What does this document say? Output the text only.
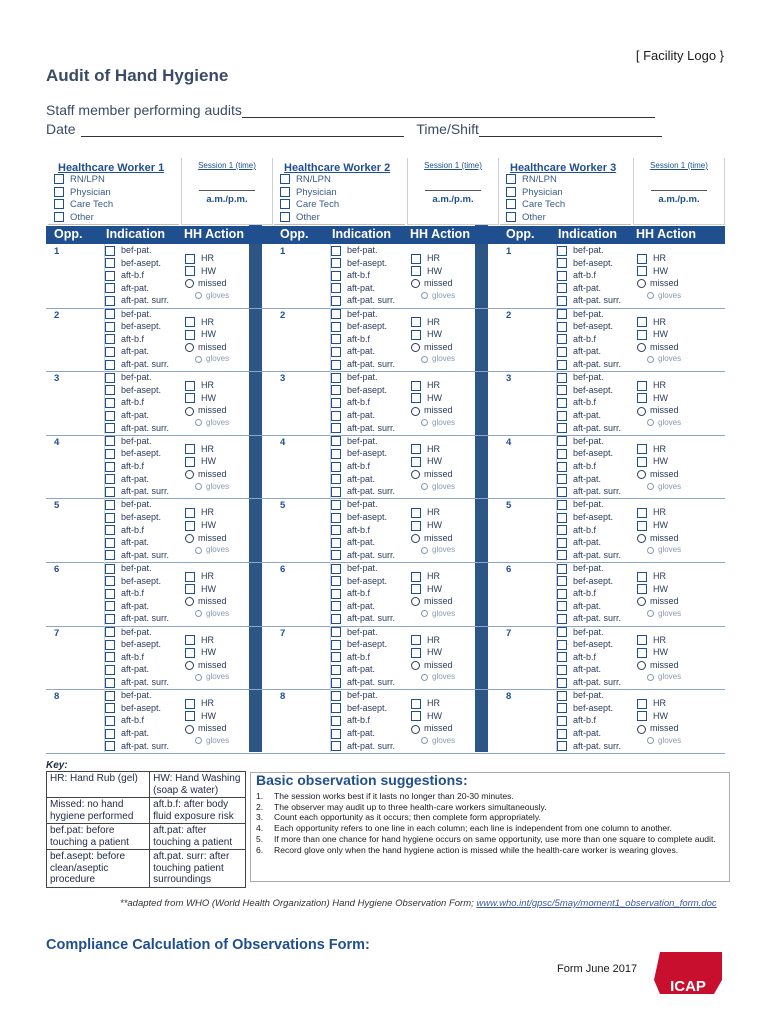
[ Facility Logo }
Audit of Hand Hygiene
Staff member performing audits
Date	Time/Shift
Healthcare Worker 1
RN/LPN
Physician
Care Tech
Other
Session 1 (time)
a.m./p.m.
Opp. Indication HH Action
1	bef-pat.
bef-asept.
aft-b.f
aft-pat.
aft-pat. surr.
HR
HW
missed
gloves
2	bef-pat.
bef-asept.
aft-b.f
aft-pat.
aft-pat. surr.
HR
HW
missed
gloves
3	bef-pat.
bef-asept.
aft-b.f
aft-pat.
aft-pat. surr.
HR
HW
missed
gloves
4	bef-pat.
bef-asept.
aft-b.f
aft-pat.
aft-pat. surr.
HR
HW
missed
gloves
5	bef-pat.
bef-asept.
aft-b.f
aft-pat.
aft-pat. surr.
HR
HW
missed
gloves
6	bef-pat.
bef-asept.
aft-b.f
aft-pat.
aft-pat. surr.
HR
HW
missed
gloves
7	bef-pat.
bef-asept.
aft-b.f
aft-pat.
aft-pat. surr.
HR
HW
missed
gloves
8	bef-pat.
bef-asept.
aft-b.f
aft-pat.
aft-pat. surr.
HR
HW
missed
gloves
Healthcare Worker 2
RN/LPN
Physician
Care Tech
Other
Session 1 (time)
a.m./p.m.
Opp. Indication HH Action
1	bef-pat.
bef-asept.
aft-b.f
aft-pat.
aft-pat. surr.
HR
HW
missed
gloves
2	bef-pat.
bef-asept.
aft-b.f
aft-pat.
aft-pat. surr.
HR
HW
missed
gloves
3	bef-pat.
bef-asept.
aft-b.f
aft-pat.
aft-pat. surr.
HR
HW
missed
gloves
4	bef-pat.
bef-asept.
aft-b.f
aft-pat.
aft-pat. surr.
HR
HW
missed
gloves
5	bef-pat.
bef-asept.
aft-b.f
aft-pat.
aft-pat. surr.
HR
HW
missed
gloves
6	bef-pat.
bef-asept.
aft-b.f
aft-pat.
aft-pat. surr.
HR
HW
missed
gloves
7	bef-pat.
bef-asept.
aft-b.f
aft-pat.
aft-pat. surr.
HR
HW
missed
gloves
8	bef-pat.
bef-asept.
aft-b.f
aft-pat.
aft-pat. surr.
HR
HW
missed
gloves
Healthcare Worker 3
RN/LPN
Physician
Care Tech
Other
Session 1 (time)
a.m./p.m.
Opp. Indication HH Action
1	bef-pat.
bef-asept.
aft-b.f
aft-pat.
aft-pat. surr.
HR
HW
missed
gloves
2	bef-pat.
bef-asept.
aft-b.f
aft-pat.
aft-pat. surr.
HR
HW
missed
gloves
3	bef-pat.
bef-asept.
aft-b.f
aft-pat.
aft-pat. surr.
HR
HW
missed
gloves
4	bef-pat.
bef-asept.
aft-b.f
aft-pat.
aft-pat. surr.
HR
HW
missed
gloves
5	bef-pat.
bef-asept.
aft-b.f
aft-pat.
aft-pat. surr.
HR
HW
missed
gloves
6	bef-pat.
bef-asept.
aft-b.f
aft-pat.
aft-pat. surr.
HR
HW
missed
gloves
7	bef-pat.
bef-asept.
aft-b.f
aft-pat.
aft-pat. surr.
HR
HW
missed
gloves
8	bef-pat.
bef-asept.
aft-b.f
aft-pat.
aft-pat. surr.
HR
HW
missed
gloves
Key:
HR: Hand Rub (gel)	HW: Hand Washing (soap & water)
Missed: no hand hygiene performed	aft.b.f: after body fluid exposure risk
bef.pat: before touching a patient	aft.pat: after touching a patient
bef.asept: before clean/aseptic procedure	aft.pat. surr: after touching patient surroundings
Basic observation suggestions:
1.	The session works best if it lasts no longer than 20-30 minutes.
2.	The observer may audit up to three health-care workers simultaneously.
3.	Count each opportunity as it occurs; then complete form appropriately.
4.	Each opportunity refers to one line in each column; each line is independent from one column to another.
5.	If more than one chance for hand hygiene occurs on same opportunity, use more than one square to complete audit.
6.	Record glove only when the hand hygiene action is missed while the health-care worker is wearing gloves.
**adapted from WHO (World Health Organization) Hand Hygiene Observation Form; www.who.int/gpsc/5may/moment1_observation_form.doc
Compliance Calculation of Observations Form:
Form June 2017
ICAP
